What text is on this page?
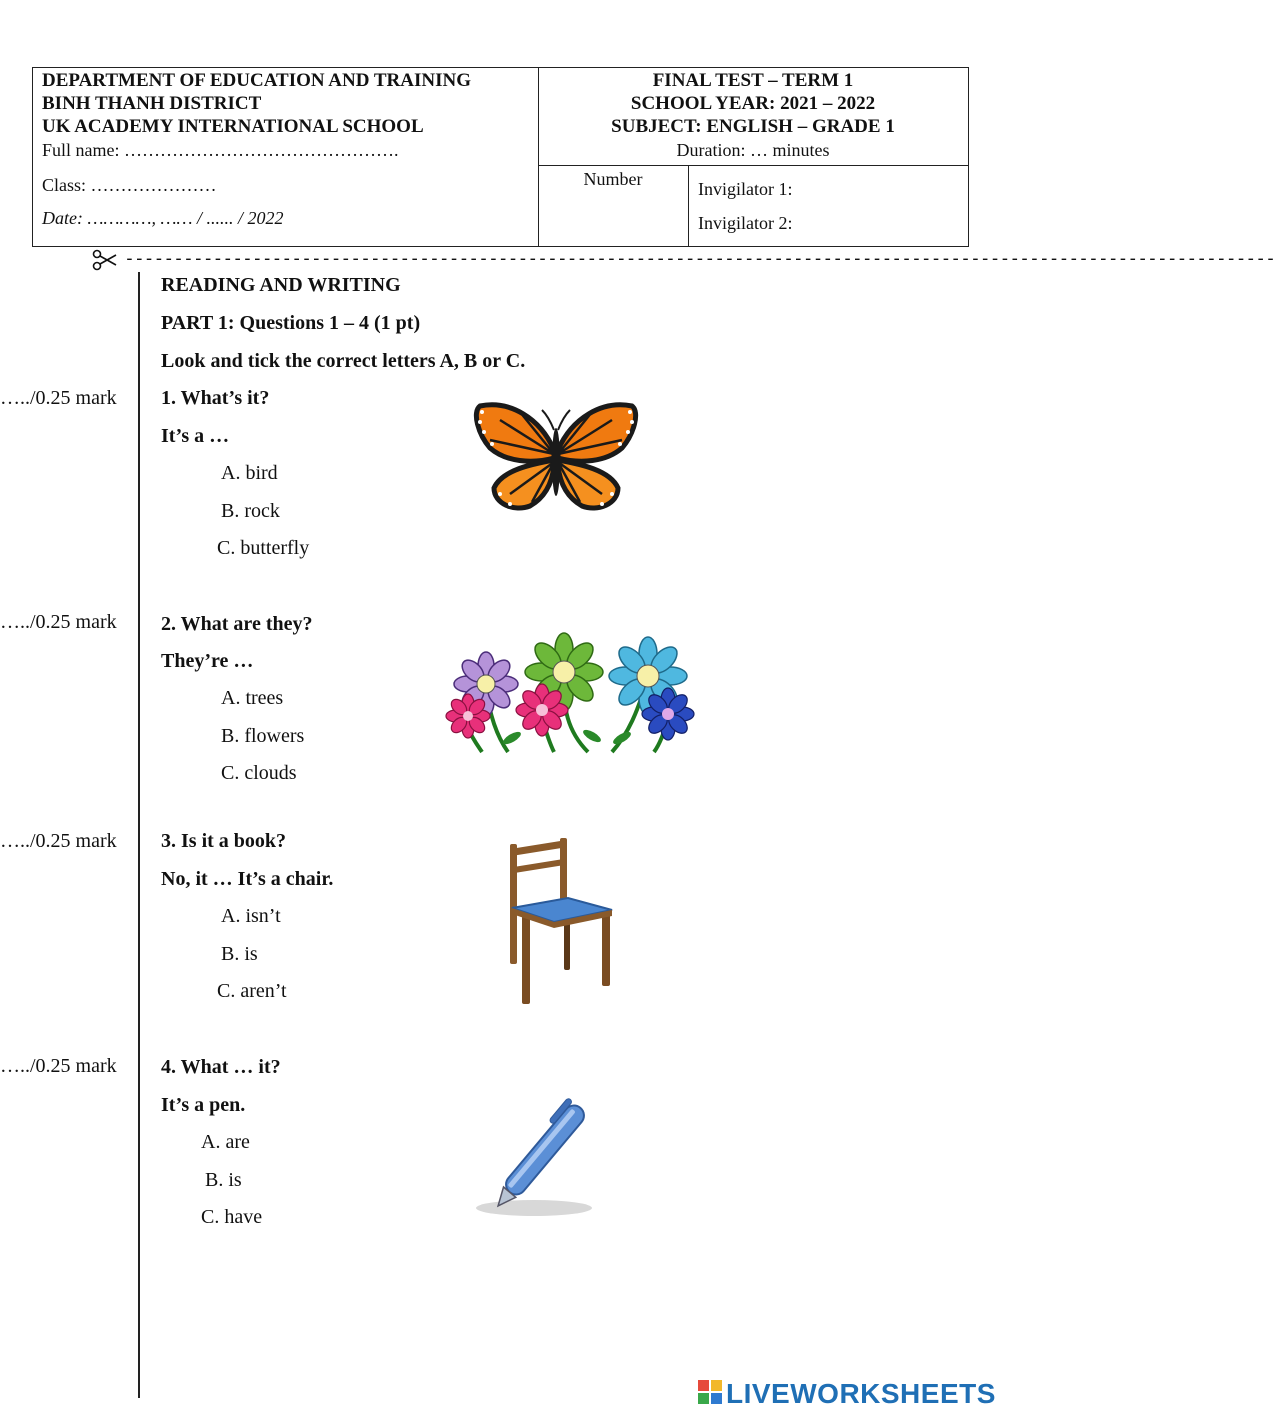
DEPARTMENT OF EDUCATION AND TRAINING
BINH THANH DISTRICT
UK ACADEMY INTERNATIONAL SCHOOL
Full name: ……………………………………….
Class: …………………
Date: …………, …… / ...... / 2022
FINAL TEST – TERM 1
SCHOOL YEAR: 2021 – 2022
SUBJECT: ENGLISH – GRADE 1
Duration: … minutes
Number	Invigilator 1:
Invigilator 2:
---------------------------------------------------------------------------------------------------------------------
READING AND WRITING
PART 1: Questions 1 – 4 (1 pt)
Look and tick the correct letters A, B or C.
…../0.25 mark 1. What’s it?
It’s a …
A. bird
B. rock
C. butterfly
…../0.25 mark 2. What are they?
They’re …
A. trees
B. flowers
C. clouds
…../0.25 mark 3. Is it a book?
No, it … It’s a chair.
A. isn’t
B. is
C. aren’t
…../0.25 mark 4. What … it?
It’s a pen.
A. are
B. is
C. have
LIVEWORKSHEETS
